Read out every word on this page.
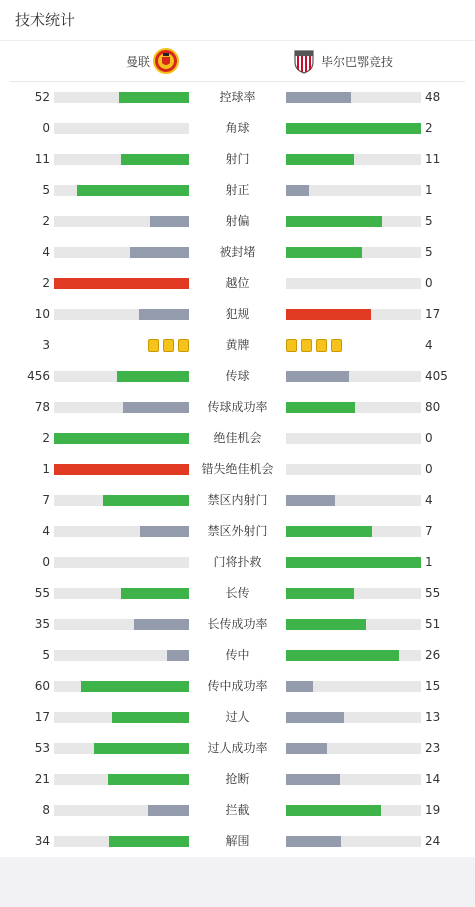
技术统计
曼联	毕尔巴鄂竞技
52	控球率	48
0	角球	2
11	射门	11
5	射正	1
2	射偏	5
4	被封堵	5
2	越位	0
10	犯规	17
3	黄牌	4
456	传球	405
78	传球成功率	80
2	绝佳机会	0
1	错失绝佳机会	0
7	禁区内射门	4
4	禁区外射门	7
0	门将扑救	1
55	长传	55
35	长传成功率	51
5	传中	26
60	传中成功率	15
17	过人	13
53	过人成功率	23
21	抢断	14
8	拦截	19
34	解围	24
